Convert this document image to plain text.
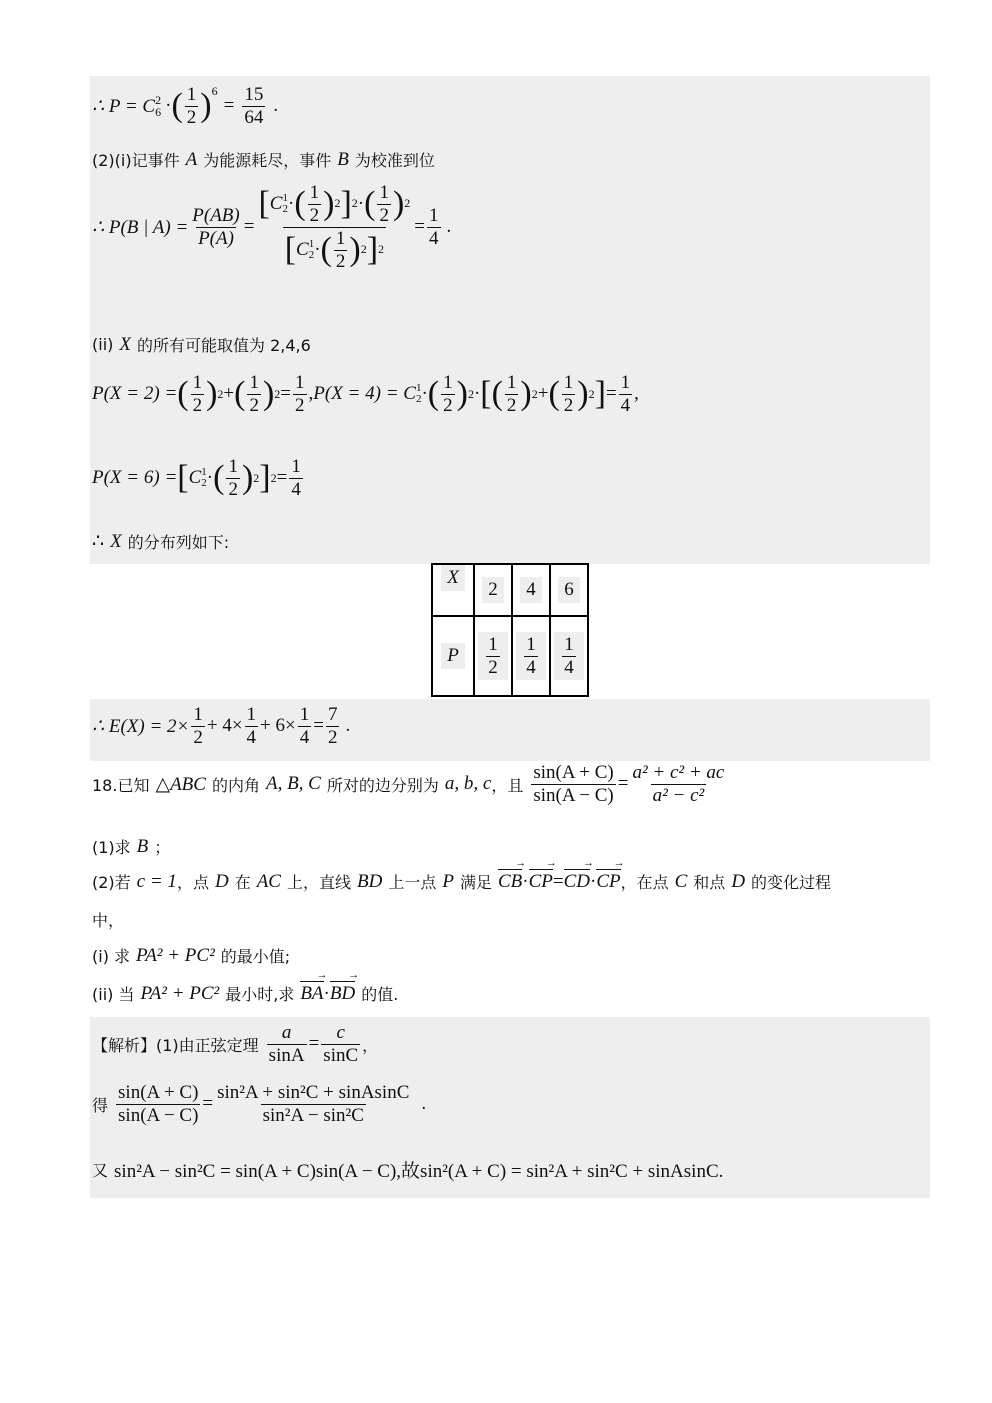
∴ P = C 2
6 · ( $\frac{1}{2}$ ) 6
= $\frac{15}{64}$ .
(2)(i)记事件 A 为能源耗尽，事件 B 为校准到位
∴ P(B | $A) = \frac{P(AB)}{P(A)}$ = [ C 1
2 · ( $\frac{1}{2}$ ) 2 ] 2 · ( $\frac{1}{2}$ ) 2
[ C 1
2 · ( $\frac{1}{2}$ ) 2 ] $2 = \frac{1}{4}$ .
(ii) X 的所有可能取值为 2,4,6
P(X = 2) = ( $\frac{1}{2}$ ) 2 + ( $\frac{1}{2}$ ) $2 = \frac{1}{2}$ , P(X = 4) = C 1
2 · ( $\frac{1}{2}$ ) 2 · [ ( $\frac{1}{2}$ ) 2 + ( $\frac{1}{2}$ ) 2 ] = $\frac{1}{4}$ ,
P(X = 6) = [ C 1
2 · ( $\frac{1}{2}$ ) 2 ] $2 = \frac{1}{4}$
∴ X 的分布列如下:
X	2	4	6
P	$\frac{1}{2}$	$\frac{1}{4}$	$\frac{1}{4}$
∴ $E(X) = 2\times \frac{1}{2} + 4\times \frac{1}{4} + 6\times \frac{1}{4} = \frac{7}{2}$ .
18.已知 △ABC 的内角 A, B, C 所对的边分别为 a, b, c ，且 $\frac{\sin(A + C)}{\sin(A - C)} = \frac{\text{a² + c² + ac}}{\text{a² − c²}}$
(1)求 B ；
(2)若 c = 1 ，点 D 在 AC 上，直线 BD 上一点 P 满足 CB → · CP → = CD → · CP → ，在点 C 和点 D 的变化过程
中，
(i) 求 PA² + PC² 的最小值;
(ii) 当 PA² + PC² 最小时,求 BA → · BD → 的值.
【解析】(1)由正弦定理 $\frac{a}{\sin A} = \frac{c}{\sin C}$ ，
得 $\frac{\sin(A + C)}{\sin(A - C)} = \frac{\text{sin²A + sin²C + sinAsinC}}{\text{sin²A − sin²C}}$ .
又 sin²A − sin²C = sin(A + C)sin(A − C),故sin²(A + C) = sin²A + sin²C + sinAsinC.
